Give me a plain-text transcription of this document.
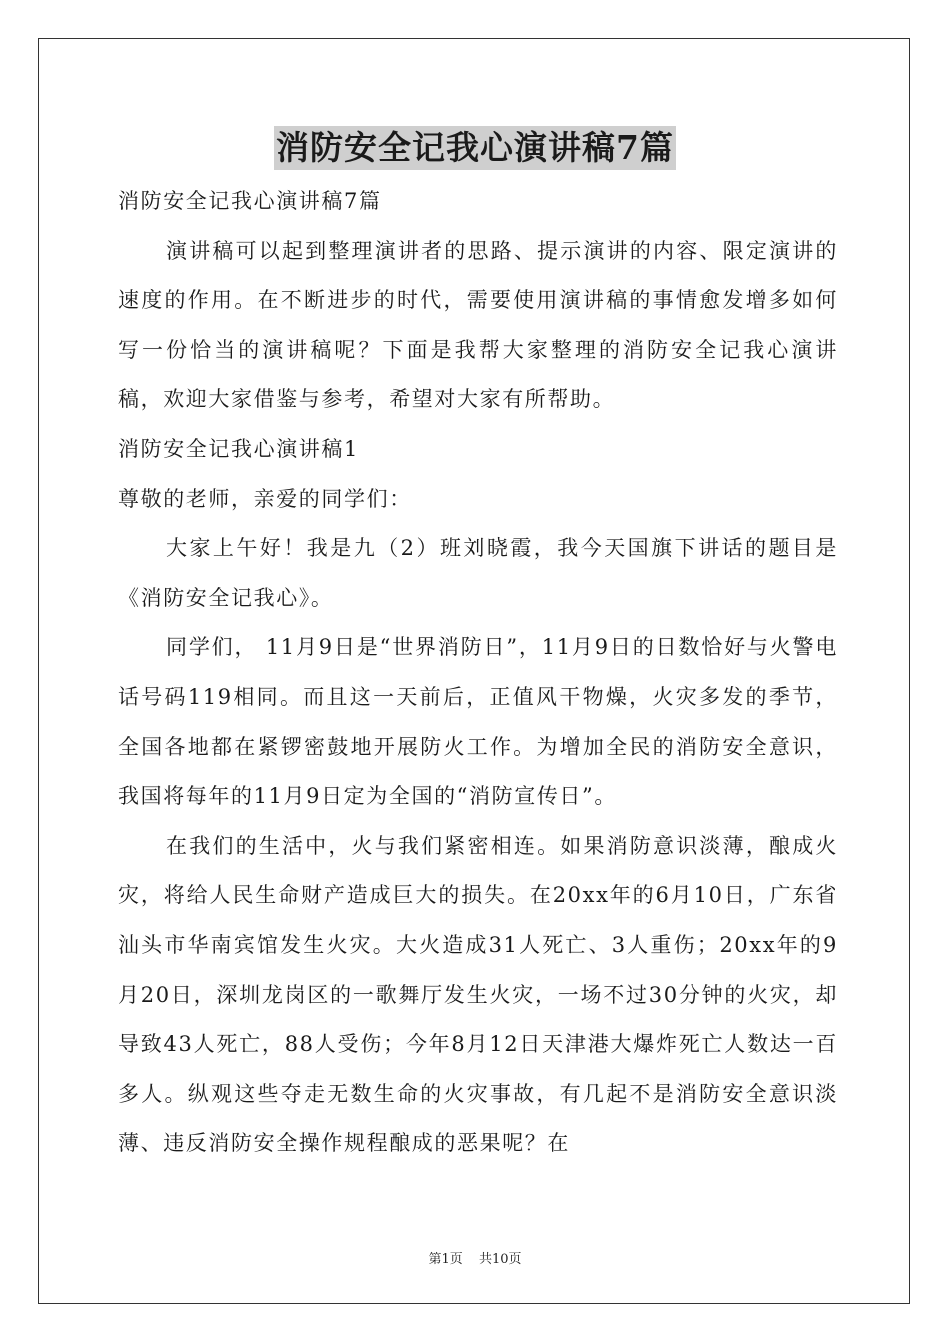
消防安全记我心演讲稿7篇

消防安全记我心演讲稿7篇

演讲稿可以起到整理演讲者的思路、提示演讲的内容、限定演讲的速度的作用。在不断进步的时代，需要使用演讲稿的事情愈发增多如何写一份恰当的演讲稿呢？下面是我帮大家整理的消防安全记我心演讲稿，欢迎大家借鉴与参考，希望对大家有所帮助。

消防安全记我心演讲稿1

尊敬的老师，亲爱的同学们：

大家上午好！我是九（2）班刘晓霞，我今天国旗下讲话的题目是《消防安全记我心》。

同学们， 11月9日是“世界消防日”，11月9日的日数恰好与火警电话号码119相同。而且这一天前后，正值风干物燥，火灾多发的季节，全国各地都在紧锣密鼓地开展防火工作。为增加全民的消防安全意识，我国将每年的11月9日定为全国的“消防宣传日”。

在我们的生活中，火与我们紧密相连。如果消防意识淡薄，酿成火灾，将给人民生命财产造成巨大的损失。在20xx年的6月10日，广东省汕头市华南宾馆发生火灾。大火造成31人死亡、3人重伤；20xx年的9月20日，深圳龙岗区的一歌舞厅发生火灾，一场不过30分钟的火灾，却导致43人死亡，88人受伤；今年8月12日天津港大爆炸死亡人数达一百多人。纵观这些夺走无数生命的火灾事故，有几起不是消防安全意识淡薄、违反消防安全操作规程酿成的恶果呢？在

第1页 共10页
